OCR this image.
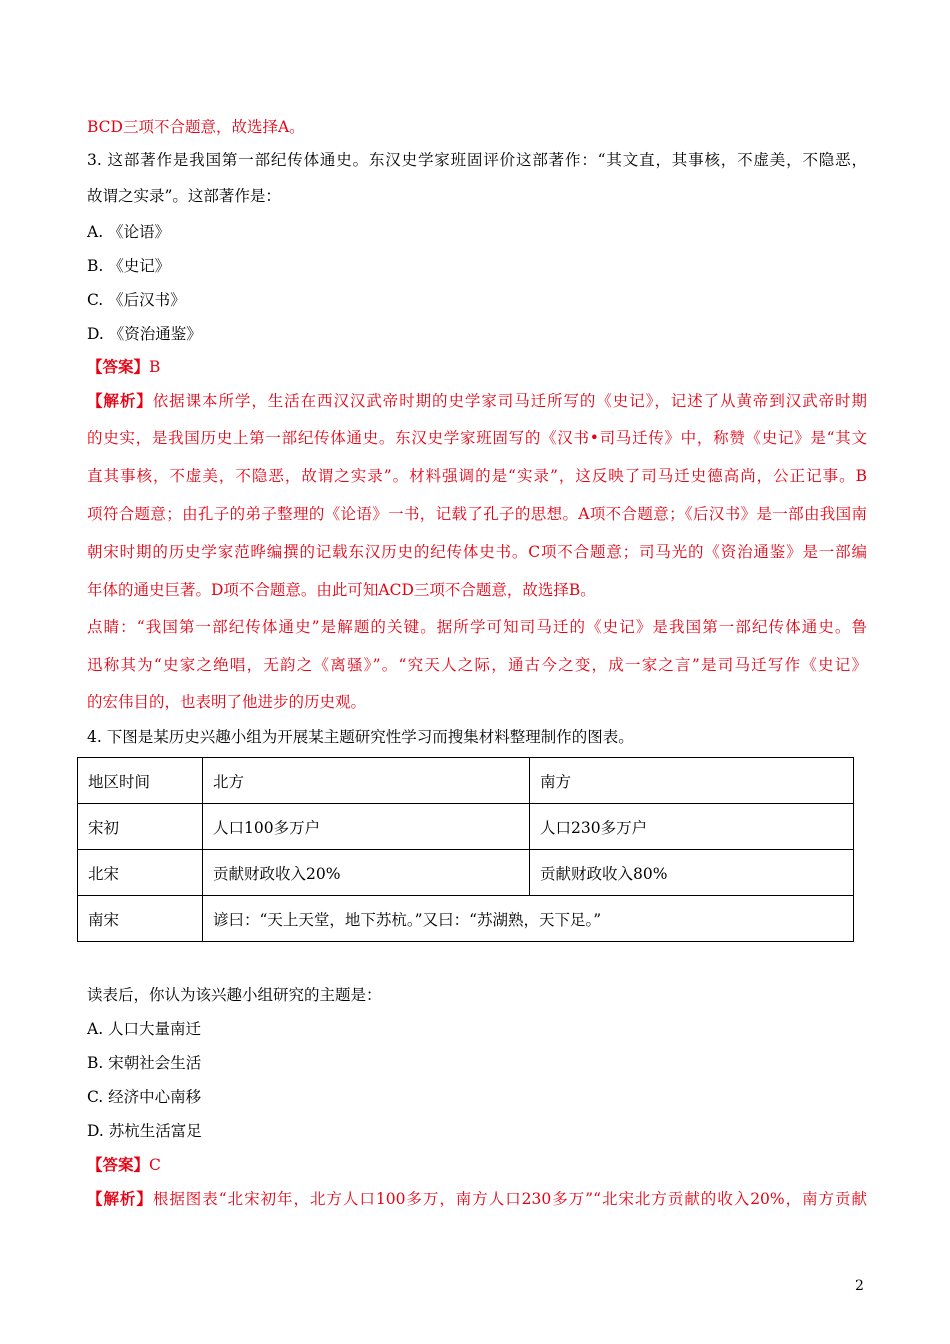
BCD三项不合题意，故选择A。
3. 这部著作是我国第一部纪传体通史。东汉史学家班固评价这部著作：“其文直，其事核，不虚美，不隐恶，
故谓之实录”。这部著作是：
A. 《论语》
B. 《史记》
C. 《后汉书》
D. 《资治通鉴》
【答案】B
【解析】依据课本所学，生活在西汉汉武帝时期的史学家司马迁所写的《史记》，记述了从黄帝到汉武帝时期
的史实，是我国历史上第一部纪传体通史。东汉史学家班固写的《汉书•司马迁传》中，称赞《史记》是“其文
直其事核，不虚美，不隐恶，故谓之实录”。材料强调的是“实录”，这反映了司马迁史德高尚，公正记事。B
项符合题意；由孔子的弟子整理的《论语》一书，记载了孔子的思想。A项不合题意；《后汉书》是一部由我国南
朝宋时期的历史学家范晔编撰的记载东汉历史的纪传体史书。C项不合题意；司马光的《资治通鉴》是一部编
年体的通史巨著。D项不合题意。由此可知ACD三项不合题意，故选择B。
点睛：“我国第一部纪传体通史”是解题的关键。据所学可知司马迁的《史记》是我国第一部纪传体通史。鲁
迅称其为“史家之绝唱，无韵之《离骚》”。“究天人之际，通古今之变，成一家之言”是司马迁写作《史记》
的宏伟目的，也表明了他进步的历史观。
4. 下图是某历史兴趣小组为开展某主题研究性学习而搜集材料整理制作的图表。
地区时间	北方	南方
宋初	人口100多万户	人口230多万户
北宋	贡献财政收入20%	贡献财政收入80%
南宋	谚曰：“天上天堂，地下苏杭。”又曰：“苏湖熟，天下足。”	
读表后，你认为该兴趣小组研究的主题是：
A. 人口大量南迁
B. 宋朝社会生活
C. 经济中心南移
D. 苏杭生活富足
【答案】C
【解析】根据图表“北宋初年，北方人口100多万，南方人口230多万”“北宋北方贡献的收入20%，南方贡献
2
